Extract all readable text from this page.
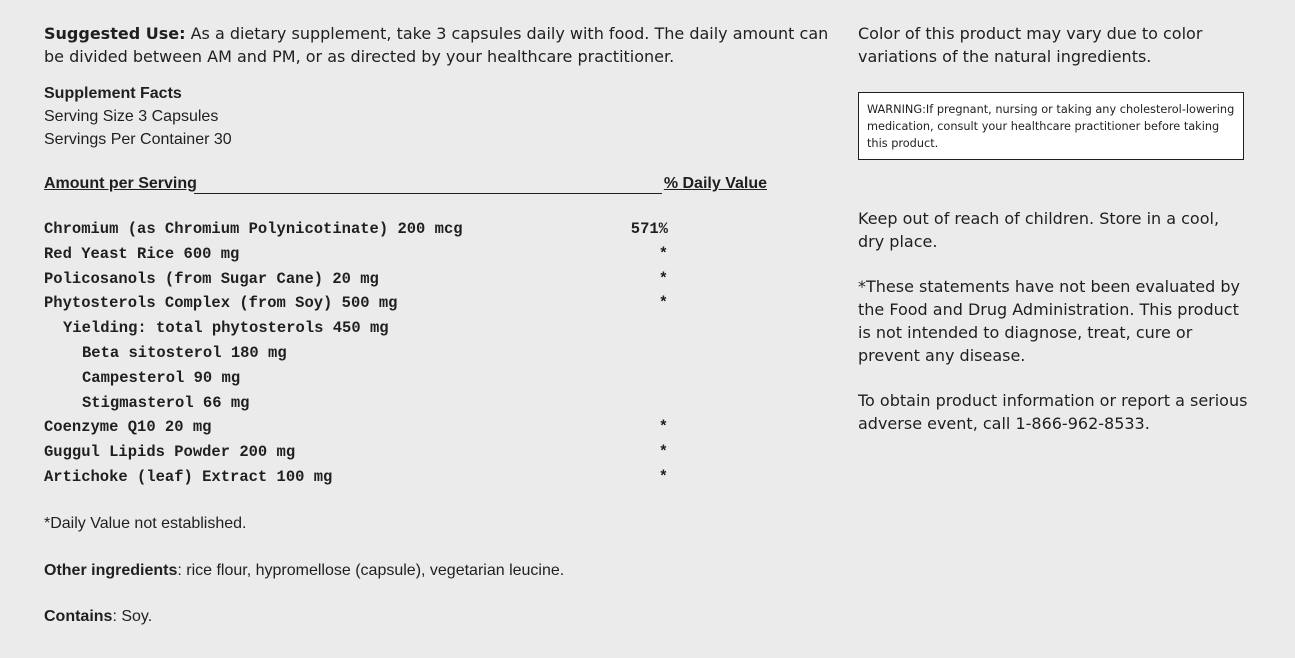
Suggested Use: As a dietary supplement, take 3 capsules daily with food. The daily amount can be divided between AM and PM, or as directed by your healthcare practitioner.

Supplement Facts
Serving Size 3 Capsules
Servings Per Container 30
Amount per Serving	% Daily Value
Chromium (as Chromium Polynicotinate) 200 mcg	571%
Red Yeast Rice 600 mg	*
Policosanols (from Sugar Cane) 20 mg	*
Phytosterols Complex (from Soy) 500 mg	*
Yielding: total phytosterols 450 mg
Beta sitosterol 180 mg
Campesterol 90 mg
Stigmasterol 66 mg
Coenzyme Q10 20 mg	*
Guggul Lipids Powder 200 mg	*
Artichoke (leaf) Extract 100 mg	*
*Daily Value not established.
Other ingredients: rice flour, hypromellose (capsule), vegetarian leucine.
Contains: Soy.

Color of this product may vary due to color variations of the natural ingredients.

WARNING:If pregnant, nursing or taking any cholesterol-lowering medication, consult your healthcare practitioner before taking this product.

Keep out of reach of children. Store in a cool, dry place.

*These statements have not been evaluated by the Food and Drug Administration. This product is not intended to diagnose, treat, cure or prevent any disease.

To obtain product information or report a serious adverse event, call 1-866-962-8533.
